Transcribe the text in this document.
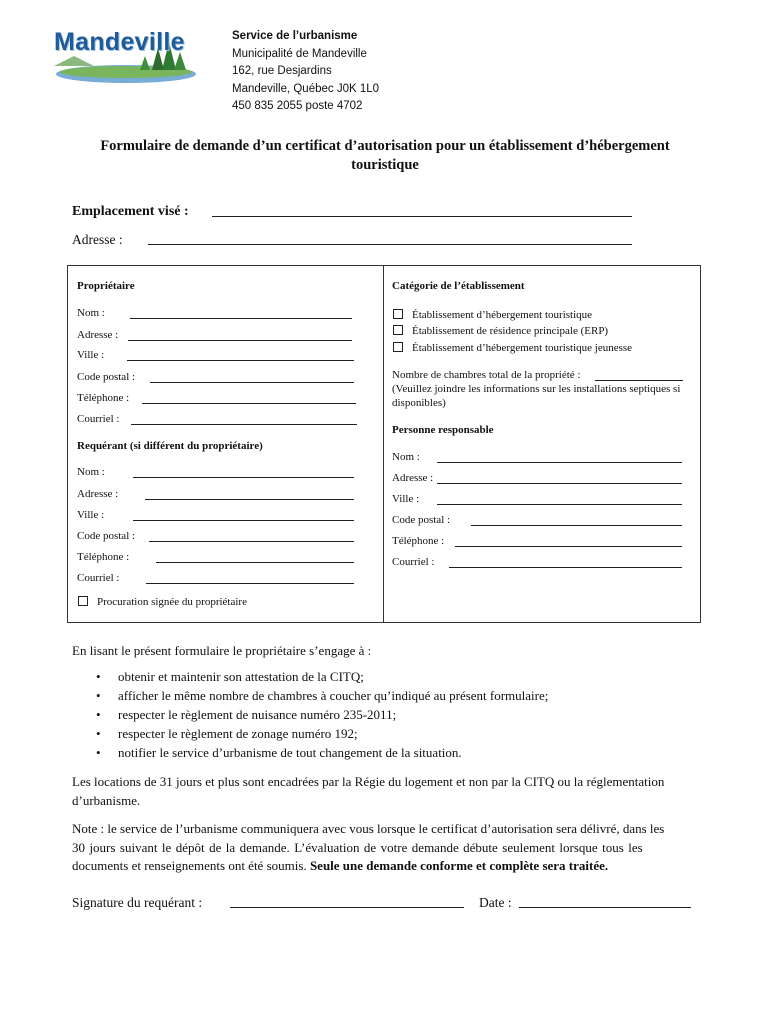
Mandeville	Service de l’urbanisme
Municipalité de Mandeville
162, rue Desjardins
Mandeville, Québec J0K 1L0
450 835 2055 poste 4702
Formulaire de demande d’un certificat d’autorisation pour un établissement d’hébergement
touristique
Emplacement visé :
Adresse :
Propriétaire
Nom :
Adresse :
Ville :
Code postal :
Téléphone :
Courriel :
Requérant (si différent du propriétaire)
Nom :
Adresse :
Ville :
Code postal :
Téléphone :
Courriel :
Procuration signée du propriétaire
Catégorie de l’établissement
Établissement d’hébergement touristique
Établissement de résidence principale (ERP)
Établissement d’hébergement touristique jeunesse
Nombre de chambres total de la propriété :
(Veuillez joindre les informations sur les installations septiques si
disponibles)
Personne responsable
Nom :
Adresse :
Ville :
Code postal :
Téléphone :
Courriel :
En lisant le présent formulaire le propriétaire s’engage à :
• obtenir et maintenir son attestation de la CITQ;
• afficher le même nombre de chambres à coucher qu’indiqué au présent formulaire;
• respecter le règlement de nuisance numéro 235-2011;
• respecter le règlement de zonage numéro 192;
• notifier le service d’urbanisme de tout changement de la situation.
Les locations de 31 jours et plus sont encadrées par la Régie du logement et non par la CITQ ou la réglementation
d’urbanisme.
Note : le service de l’urbanisme communiquera avec vous lorsque le certificat d’autorisation sera délivré, dans les
30 jours suivant le dépôt de la demande. L’évaluation de votre demande débute seulement lorsque tous les
documents et renseignements ont été soumis. Seule une demande conforme et complète sera traitée.
Signature du requérant :	Date :
